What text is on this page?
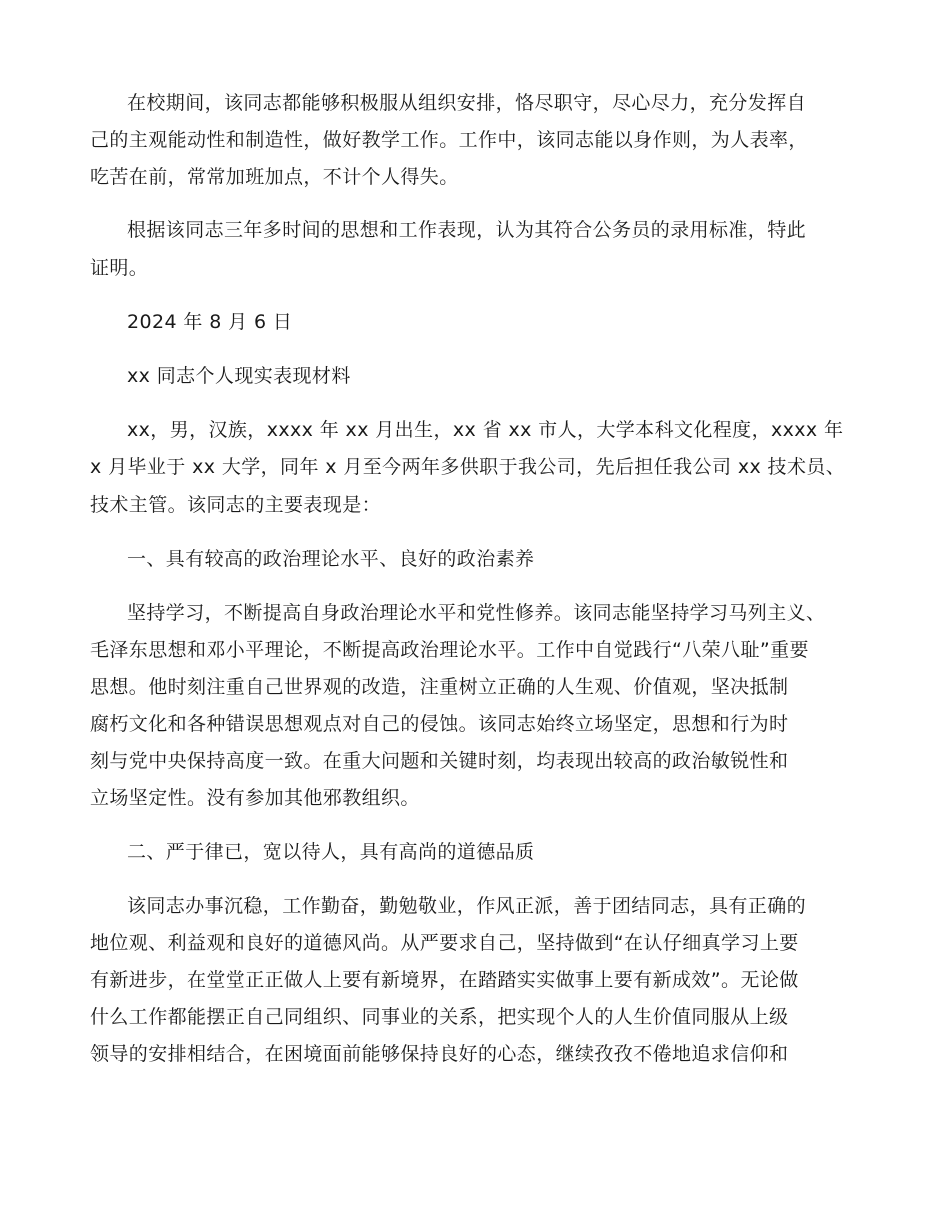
在校期间，该同志都能够积极服从组织安排，恪尽职守，尽心尽力，充分发挥自
己的主观能动性和制造性，做好教学工作。工作中，该同志能以身作则，为人表率，
吃苦在前，常常加班加点，不计个人得失。
根据该同志三年多时间的思想和工作表现，认为其符合公务员的录用标准，特此
证明。
2024 年 8 月 6 日
xx 同志个人现实表现材料
xx，男，汉族，xxxx 年 xx 月出生，xx 省 xx 市人，大学本科文化程度，xxxx 年
x 月毕业于 xx 大学，同年 x 月至今两年多供职于我公司，先后担任我公司 xx 技术员、
技术主管。该同志的主要表现是：
一、具有较高的政治理论水平、良好的政治素养
坚持学习，不断提高自身政治理论水平和党性修养。该同志能坚持学习马列主义、
毛泽东思想和邓小平理论，不断提高政治理论水平。工作中自觉践行“八荣八耻”重要
思想。他时刻注重自己世界观的改造，注重树立正确的人生观、价值观，坚决抵制
腐朽文化和各种错误思想观点对自己的侵蚀。该同志始终立场坚定，思想和行为时
刻与党中央保持高度一致。在重大问题和关键时刻，均表现出较高的政治敏锐性和
立场坚定性。没有参加其他邪教组织。
二、严于律已，宽以待人，具有高尚的道德品质
该同志办事沉稳，工作勤奋，勤勉敬业，作风正派，善于团结同志，具有正确的
地位观、利益观和良好的道德风尚。从严要求自己，坚持做到“在认仔细真学习上要
有新进步，在堂堂正正做人上要有新境界，在踏踏实实做事上要有新成效”。无论做
什么工作都能摆正自己同组织、同事业的关系，把实现个人的人生价值同服从上级
领导的安排相结合，在困境面前能够保持良好的心态，继续孜孜不倦地追求信仰和
